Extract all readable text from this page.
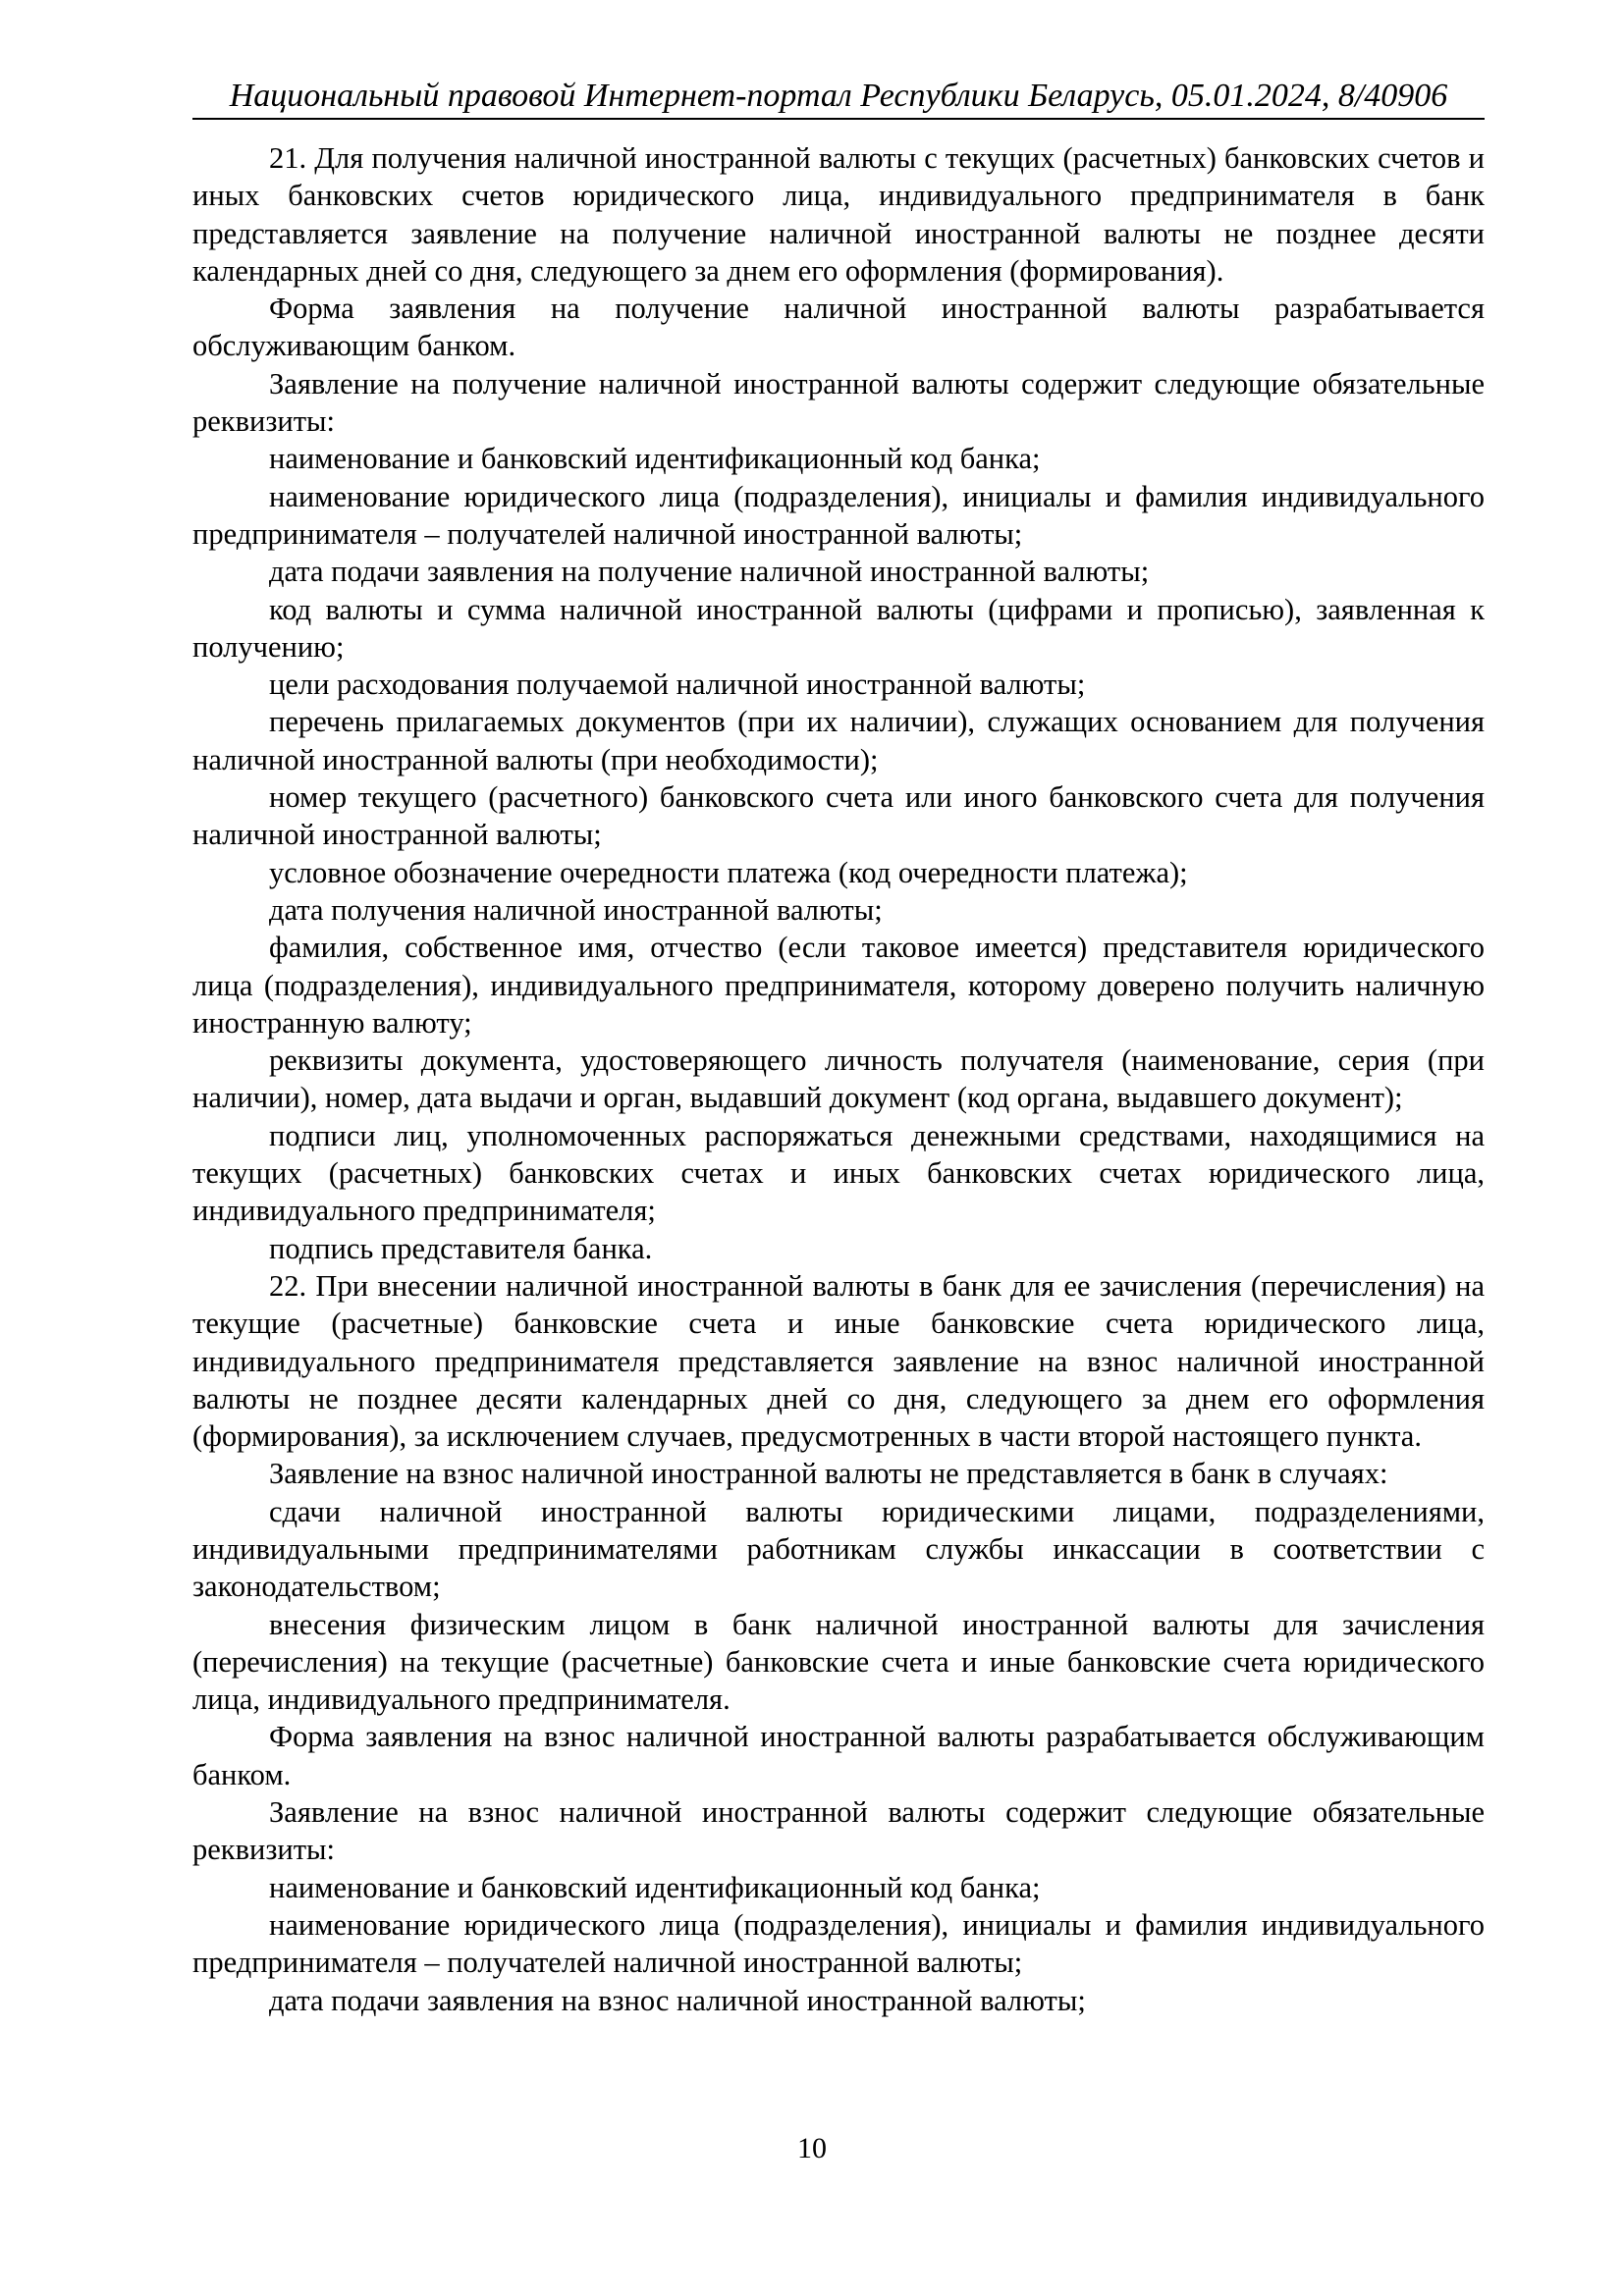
Национальный правовой Интернет-портал Республики Беларусь, 05.01.2024, 8/40906

21. Для получения наличной иностранной валюты с текущих (расчетных) банковских счетов и иных банковских счетов юридического лица, индивидуального предпринимателя в банк представляется заявление на получение наличной иностранной валюты не позднее десяти календарных дней со дня, следующего за днем его оформления (формирования).

Форма заявления на получение наличной иностранной валюты разрабатывается обслуживающим банком.

Заявление на получение наличной иностранной валюты содержит следующие обязательные реквизиты:

наименование и банковский идентификационный код банка;

наименование юридического лица (подразделения), инициалы и фамилия индивидуального предпринимателя – получателей наличной иностранной валюты;

дата подачи заявления на получение наличной иностранной валюты;

код валюты и сумма наличной иностранной валюты (цифрами и прописью), заявленная к получению;

цели расходования получаемой наличной иностранной валюты;

перечень прилагаемых документов (при их наличии), служащих основанием для получения наличной иностранной валюты (при необходимости);

номер текущего (расчетного) банковского счета или иного банковского счета для получения наличной иностранной валюты;

условное обозначение очередности платежа (код очередности платежа);

дата получения наличной иностранной валюты;

фамилия, собственное имя, отчество (если таковое имеется) представителя юридического лица (подразделения), индивидуального предпринимателя, которому доверено получить наличную иностранную валюту;

реквизиты документа, удостоверяющего личность получателя (наименование, серия (при наличии), номер, дата выдачи и орган, выдавший документ (код органа, выдавшего документ);

подписи лиц, уполномоченных распоряжаться денежными средствами, находящимися на текущих (расчетных) банковских счетах и иных банковских счетах юридического лица, индивидуального предпринимателя;

подпись представителя банка.

22. При внесении наличной иностранной валюты в банк для ее зачисления (перечисления) на текущие (расчетные) банковские счета и иные банковские счета юридического лица, индивидуального предпринимателя представляется заявление на взнос наличной иностранной валюты не позднее десяти календарных дней со дня, следующего за днем его оформления (формирования), за исключением случаев, предусмотренных в части второй настоящего пункта.

Заявление на взнос наличной иностранной валюты не представляется в банк в случаях:

сдачи наличной иностранной валюты юридическими лицами, подразделениями, индивидуальными предпринимателями работникам службы инкассации в соответствии с законодательством;

внесения физическим лицом в банк наличной иностранной валюты для зачисления (перечисления) на текущие (расчетные) банковские счета и иные банковские счета юридического лица, индивидуального предпринимателя.

Форма заявления на взнос наличной иностранной валюты разрабатывается обслуживающим банком.

Заявление на взнос наличной иностранной валюты содержит следующие обязательные реквизиты:

наименование и банковский идентификационный код банка;

наименование юридического лица (подразделения), инициалы и фамилия индивидуального предпринимателя – получателей наличной иностранной валюты;

дата подачи заявления на взнос наличной иностранной валюты;

10
